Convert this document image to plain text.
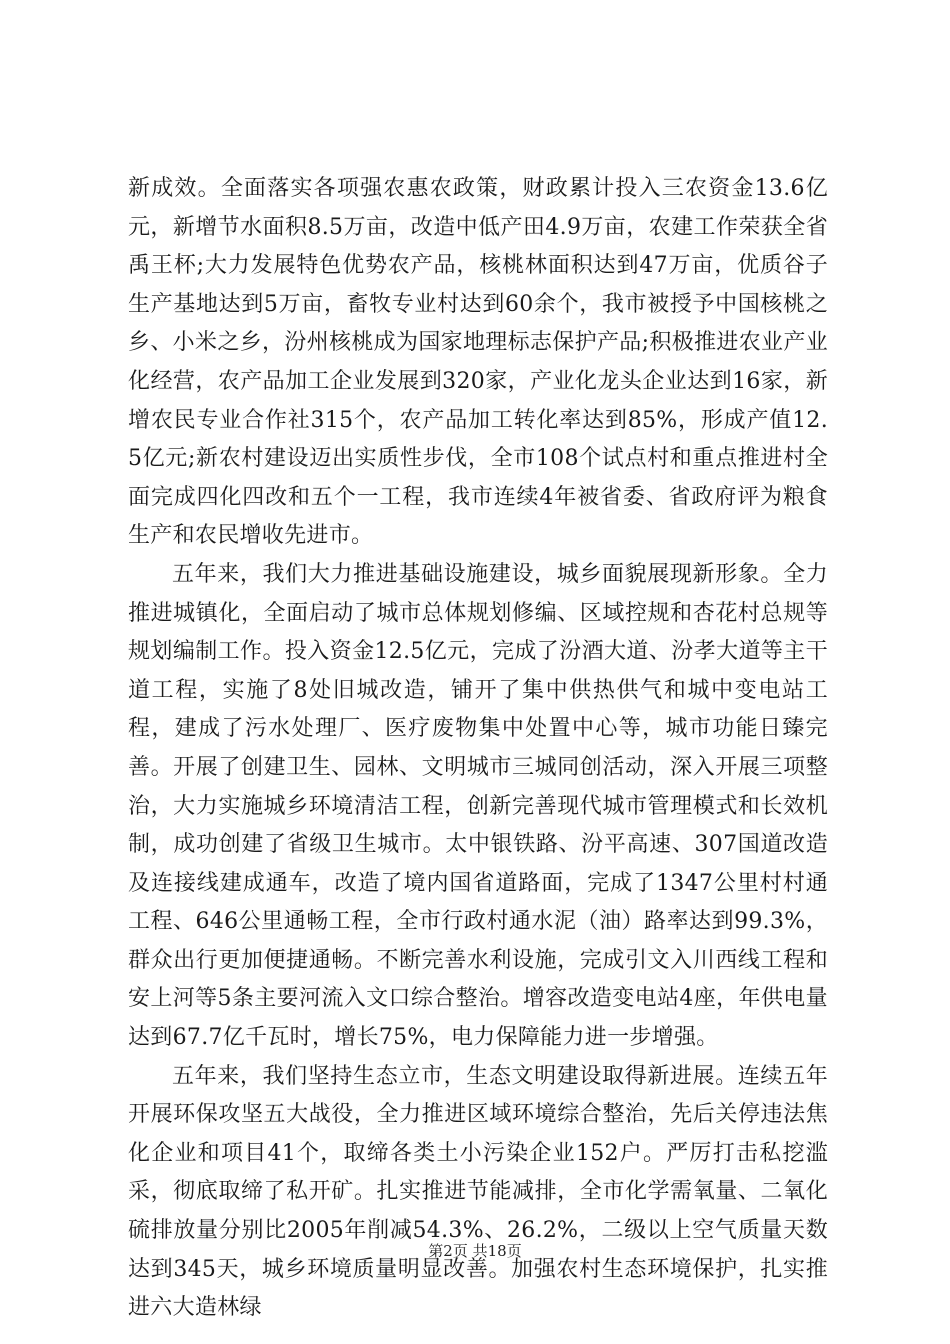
新成效。全面落实各项强农惠农政策，财政累计投入三农资金13.6亿元，新增节水面积8.5万亩，改造中低产田4.9万亩，农建工作荣获全省禹王杯;大力发展特色优势农产品，核桃林面积达到47万亩，优质谷子生产基地达到5万亩，畜牧专业村达到60余个，我市被授予中国核桃之乡、小米之乡，汾州核桃成为国家地理标志保护产品;积极推进农业产业化经营，农产品加工企业发展到320家，产业化龙头企业达到16家，新增农民专业合作社315个，农产品加工转化率达到85%，形成产值12.5亿元;新农村建设迈出实质性步伐，全市108个试点村和重点推进村全面完成四化四改和五个一工程，我市连续4年被省委、省政府评为粮食生产和农民增收先进市。

五年来，我们大力推进基础设施建设，城乡面貌展现新形象。全力推进城镇化，全面启动了城市总体规划修编、区域控规和杏花村总规等规划编制工作。投入资金12.5亿元，完成了汾酒大道、汾孝大道等主干道工程，实施了8处旧城改造，铺开了集中供热供气和城中变电站工程，建成了污水处理厂、医疗废物集中处置中心等，城市功能日臻完善。开展了创建卫生、园林、文明城市三城同创活动，深入开展三项整治，大力实施城乡环境清洁工程，创新完善现代城市管理模式和长效机制，成功创建了省级卫生城市。太中银铁路、汾平高速、307国道改造及连接线建成通车，改造了境内国省道路面，完成了1347公里村村通工程、646公里通畅工程，全市行政村通水泥（油）路率达到99.3%，群众出行更加便捷通畅。不断完善水利设施，完成引文入川西线工程和安上河等5条主要河流入文口综合整治。增容改造变电站4座，年供电量达到67.7亿千瓦时，增长75%，电力保障能力进一步增强。

五年来，我们坚持生态立市，生态文明建设取得新进展。连续五年开展环保攻坚五大战役，全力推进区域环境综合整治，先后关停违法焦化企业和项目41个，取缔各类土小污染企业152户。严厉打击私挖滥采，彻底取缔了私开矿。扎实推进节能减排，全市化学需氧量、二氧化硫排放量分别比2005年削减54.3%、26.2%，二级以上空气质量天数达到345天，城乡环境质量明显改善。加强农村生态环境保护，扎实推进六大造林绿

第2页 共18页
